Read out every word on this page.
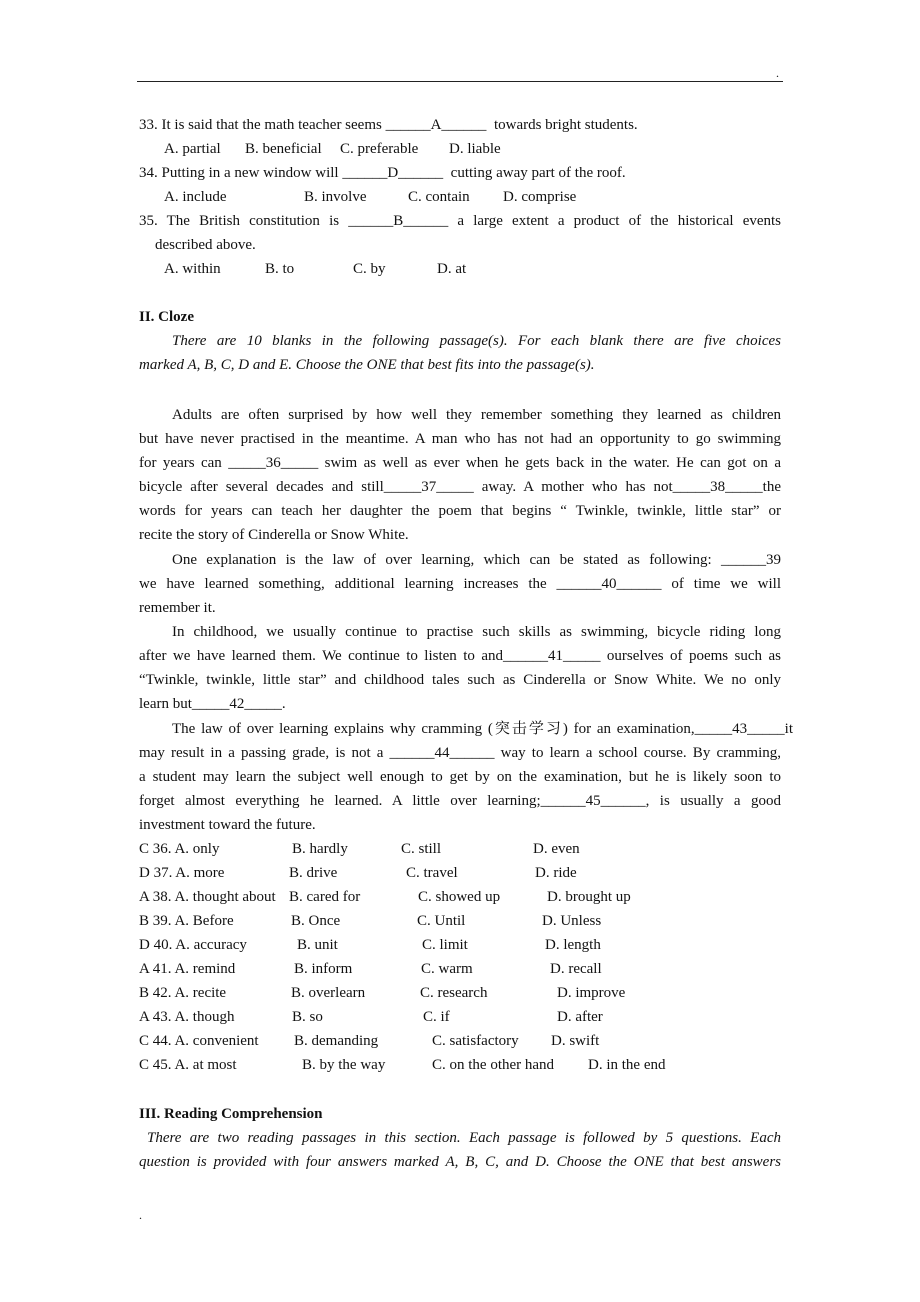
.
33. It is said that the math teacher seems ______A______  towards bright students.
A. partial B. beneficial C. preferable D. liable
34. Putting in a new window will ______D______  cutting away part of the roof.
A. include	B. involve	C. contain D. comprise
35. The British constitution is ______B______ a large extent a product of the historical events
described above.
A. within	B. to	C. by	D. at
II. Cloze
There are 10 blanks in the following passage(s). For each blank there are five choices
marked A, B, C, D and E. Choose the ONE that best fits into the passage(s).
Adults are often surprised by how well they remember something they learned as children
but have never practised in the meantime. A man who has not had an opportunity to go swimming
for years can _____36_____ swim as well as ever when he gets back in the water. He can got on a
bicycle after several decades and still_____37_____ away. A mother who has not_____38_____the
words for years can teach her daughter the poem that begins “ Twinkle, twinkle, little star” or
recite the story of Cinderella or Snow White.
One explanation is the law of over learning, which can be stated as following: ______39
we have learned something, additional learning increases the ______40______ of time we will
remember it.
In childhood, we usually continue to practise such skills as swimming, bicycle riding long
after we have learned them. We continue to listen to and______41_____ ourselves of poems such as
“Twinkle, twinkle, little star” and childhood tales such as Cinderella or Snow White. We no only
learn but_____42_____.
The law of over learning explains why cramming (突击学习) for an examination,_____43_____it
may result in a passing grade, is not a ______44______ way to learn a school course. By cramming,
a student may learn the subject well enough to get by on the examination, but he is likely soon to
forget almost everything he learned. A little over learning;______45______, is usually a good
investment toward the future.
C 36. A. only	B. hardly	C. still	D. even
D 37. A. more	B. drive	C. travel	D. ride
A 38. A. thought about B. cared for	C. showed up	D. brought up
B 39. A. Before	B. Once	C. Until	D. Unless
D 40. A. accuracy	B. unit	C. limit	D. length
A 41. A. remind	B. inform	C. warm	D. recall
B 42. A. recite	B. overlearn	C. research	D. improve
A 43. A. though	B. so	C. if	D. after
C 44. A. convenient B. demanding	C. satisfactory D. swift
C 45. A. at most	B. by the way	C. on the other hand D. in the end
III. Reading Comprehension
There are two reading passages in this section. Each passage is followed by 5 questions. Each
question is provided with four answers marked A, B, C, and D. Choose the ONE that best answers
.
